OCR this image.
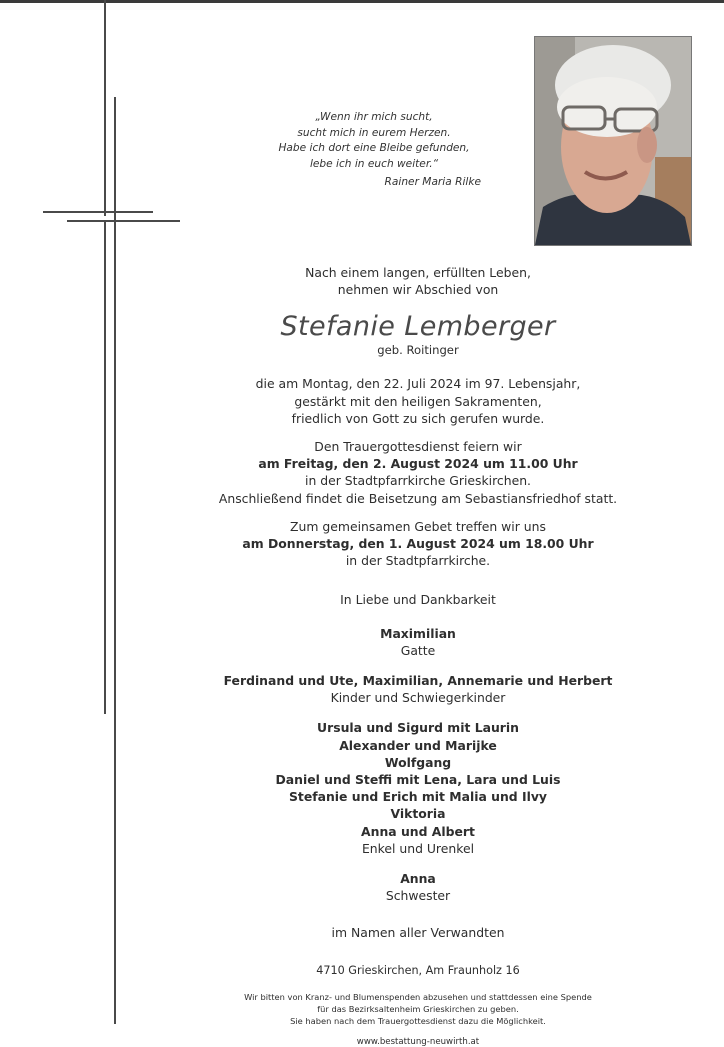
„Wenn ihr mich sucht,
sucht mich in eurem Herzen.
Habe ich dort eine Bleibe gefunden,
lebe ich in euch weiter.“
Rainer Maria Rilke
Nach einem langen, erfüllten Leben,
nehmen wir Abschied von
Stefanie Lemberger
geb. Roitinger
die am Montag, den 22. Juli 2024 im 97. Lebensjahr,
gestärkt mit den heiligen Sakramenten,
friedlich von Gott zu sich gerufen wurde.
Den Trauergottesdienst feiern wir
am Freitag, den 2. August 2024 um 11.00 Uhr
in der Stadtpfarrkirche Grieskirchen.
Anschließend findet die Beisetzung am Sebastiansfriedhof statt.
Zum gemeinsamen Gebet treffen wir uns
am Donnerstag, den 1. August 2024 um 18.00 Uhr
in der Stadtpfarrkirche.
In Liebe und Dankbarkeit
Maximilian
Gatte
Ferdinand und Ute, Maximilian, Annemarie und Herbert
Kinder und Schwiegerkinder
Ursula und Sigurd mit Laurin
Alexander und Marijke
Wolfgang
Daniel und Steffi mit Lena, Lara und Luis
Stefanie und Erich mit Malia und Ilvy
Viktoria
Anna und Albert
Enkel und Urenkel
Anna
Schwester
im Namen aller Verwandten
4710 Grieskirchen, Am Fraunholz 16
Wir bitten von Kranz- und Blumenspenden abzusehen und stattdessen eine Spende
für das Bezirksaltenheim Grieskirchen zu geben.
Sie haben nach dem Trauergottesdienst dazu die Möglichkeit.
www.bestattung-neuwirth.at
